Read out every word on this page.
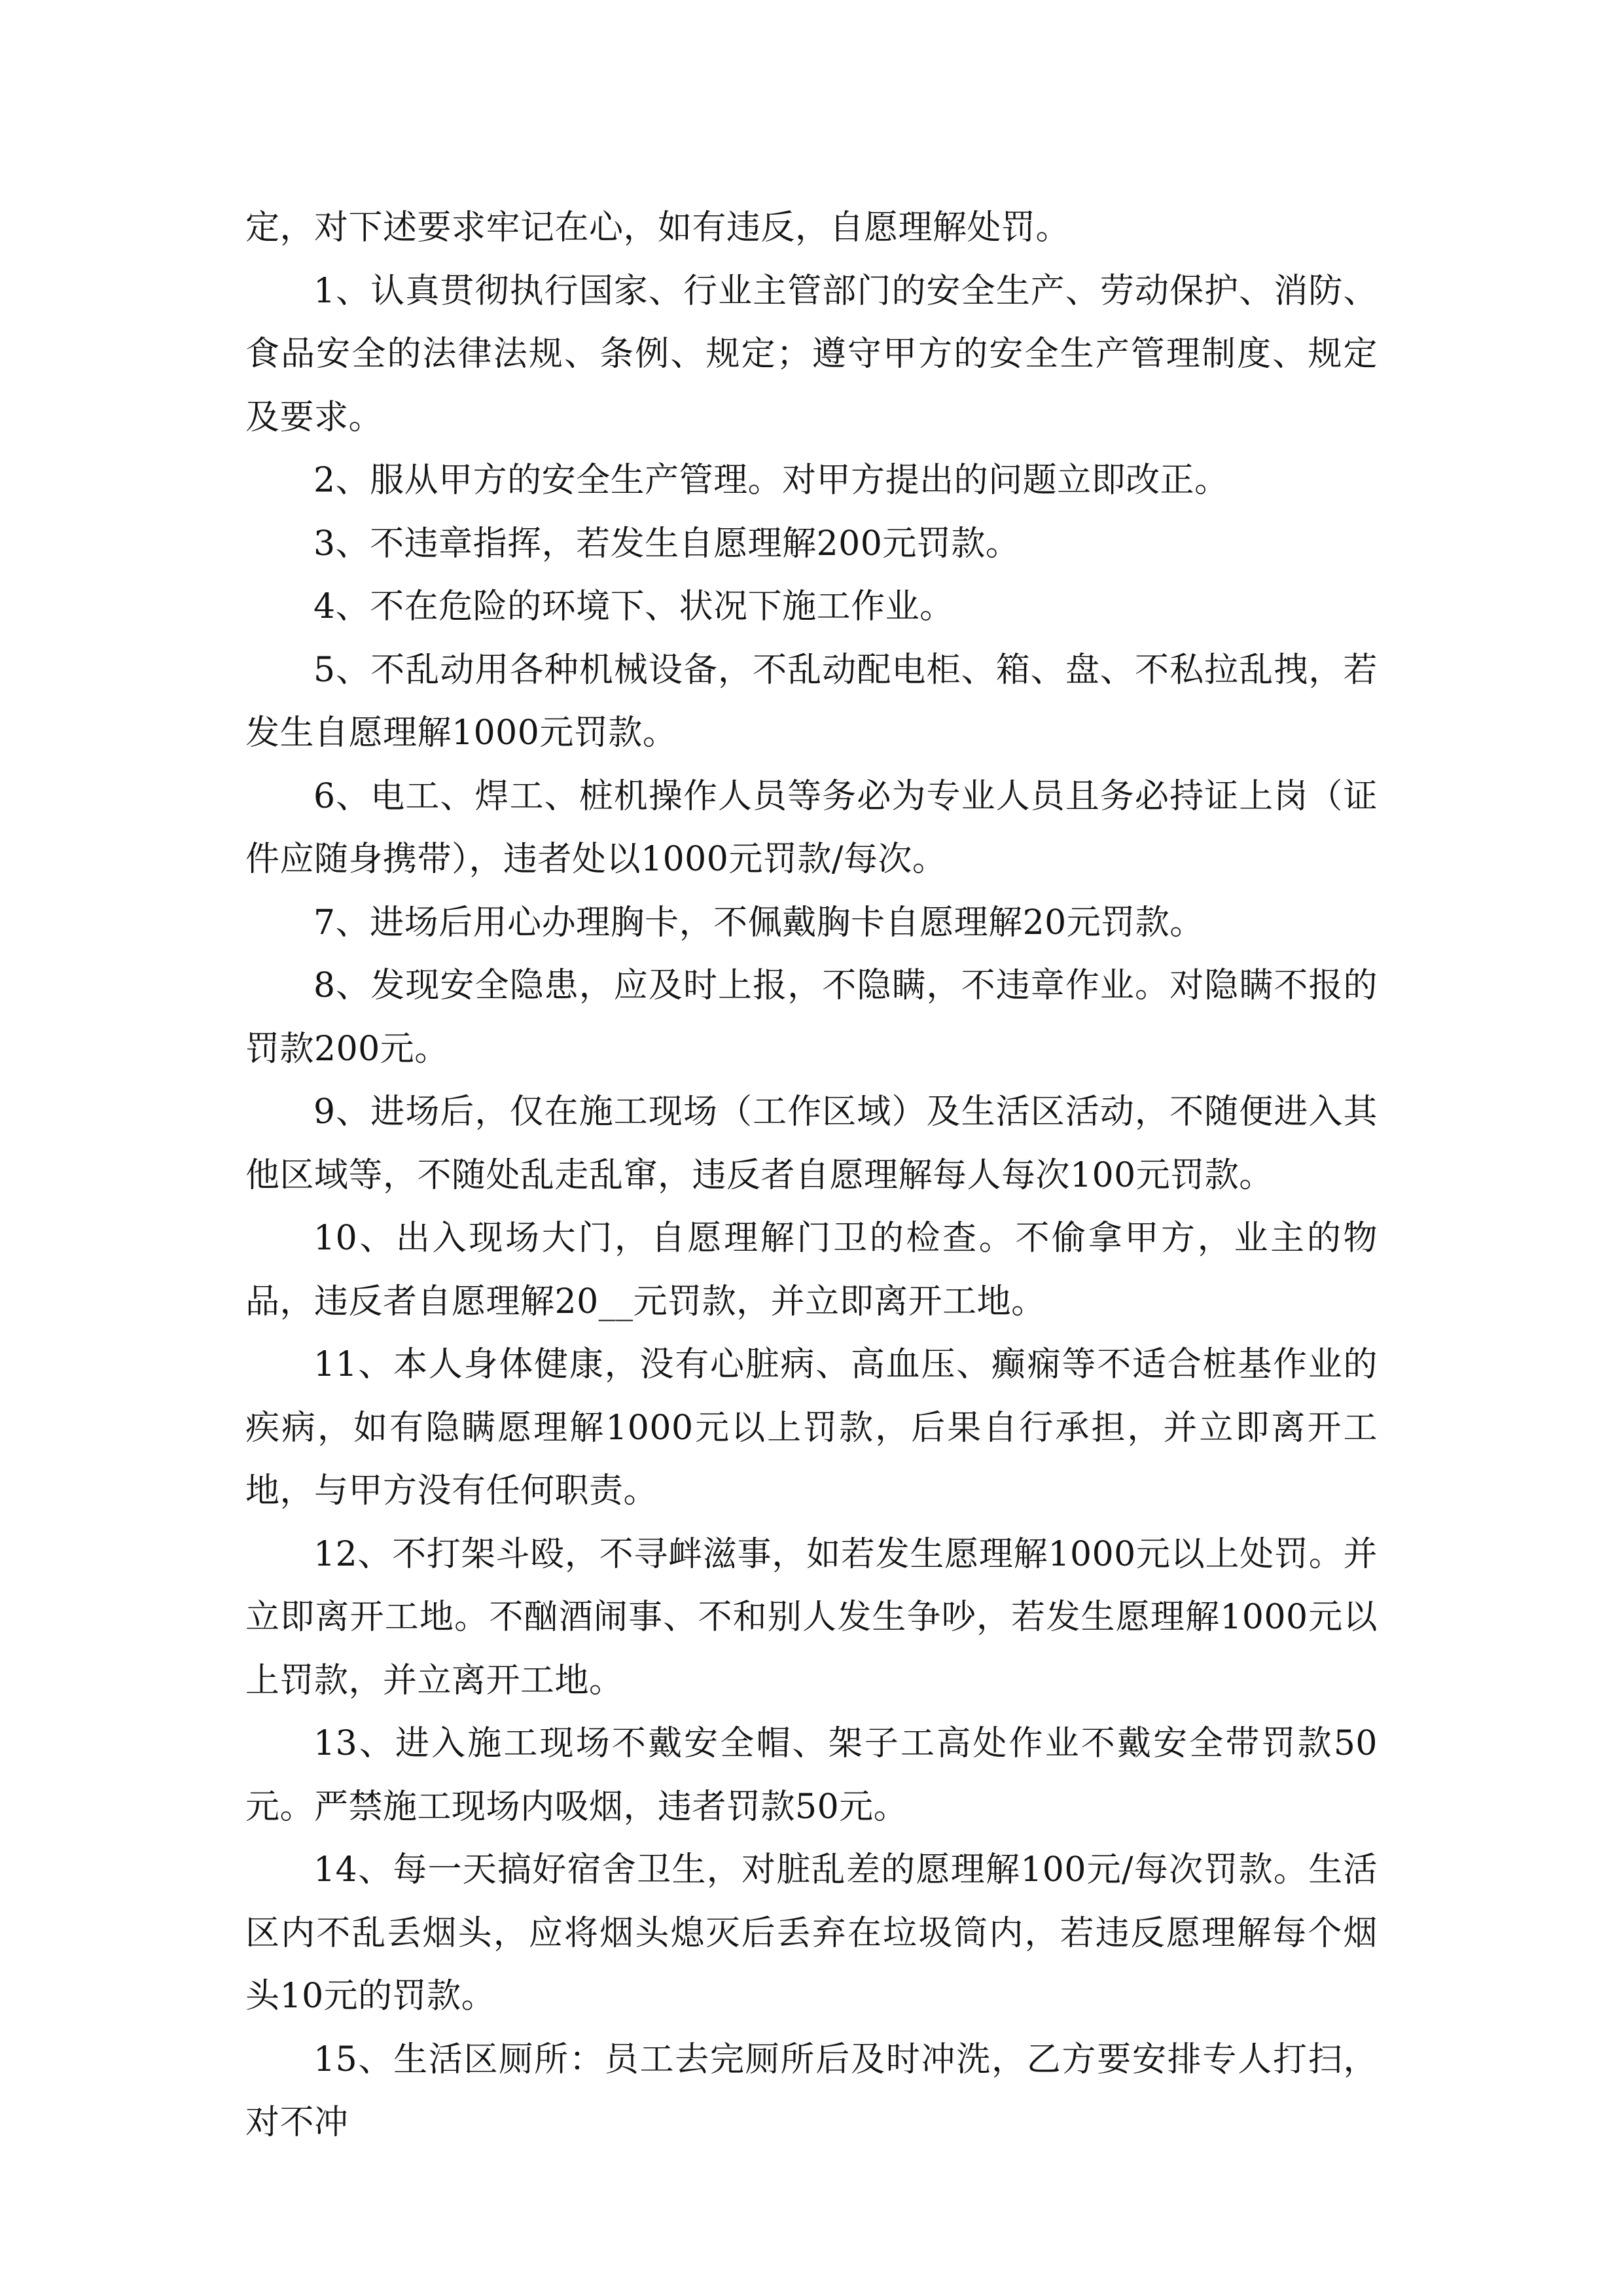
定，对下述要求牢记在心，如有违反，自愿理解处罚。

1、认真贯彻执行国家、行业主管部门的安全生产、劳动保护、消防、食品安全的法律法规、条例、规定；遵守甲方的安全生产管理制度、规定及要求。

2、服从甲方的安全生产管理。对甲方提出的问题立即改正。

3、不违章指挥，若发生自愿理解200元罚款。

4、不在危险的环境下、状况下施工作业。

5、不乱动用各种机械设备，不乱动配电柜、箱、盘、不私拉乱拽，若发生自愿理解1000元罚款。

6、电工、焊工、桩机操作人员等务必为专业人员且务必持证上岗（证件应随身携带），违者处以1000元罚款/每次。

7、进场后用心办理胸卡，不佩戴胸卡自愿理解20元罚款。

8、发现安全隐患，应及时上报，不隐瞒，不违章作业。对隐瞒不报的罚款200元。

9、进场后，仅在施工现场（工作区域）及生活区活动，不随便进入其他区域等，不随处乱走乱窜，违反者自愿理解每人每次100元罚款。

10、出入现场大门，自愿理解门卫的检查。不偷拿甲方，业主的物品，违反者自愿理解20__元罚款，并立即离开工地。

11、本人身体健康，没有心脏病、高血压、癫痫等不适合桩基作业的疾病，如有隐瞒愿理解1000元以上罚款，后果自行承担，并立即离开工地，与甲方没有任何职责。

12、不打架斗殴，不寻衅滋事，如若发生愿理解1000元以上处罚。并立即离开工地。不酗酒闹事、不和别人发生争吵，若发生愿理解1000元以上罚款，并立离开工地。

13、进入施工现场不戴安全帽、架子工高处作业不戴安全带罚款50元。严禁施工现场内吸烟，违者罚款50元。

14、每一天搞好宿舍卫生，对脏乱差的愿理解100元/每次罚款。生活区内不乱丢烟头，应将烟头熄灭后丢弃在垃圾筒内，若违反愿理解每个烟头10元的罚款。

15、生活区厕所：员工去完厕所后及时冲洗，乙方要安排专人打扫，对不冲
